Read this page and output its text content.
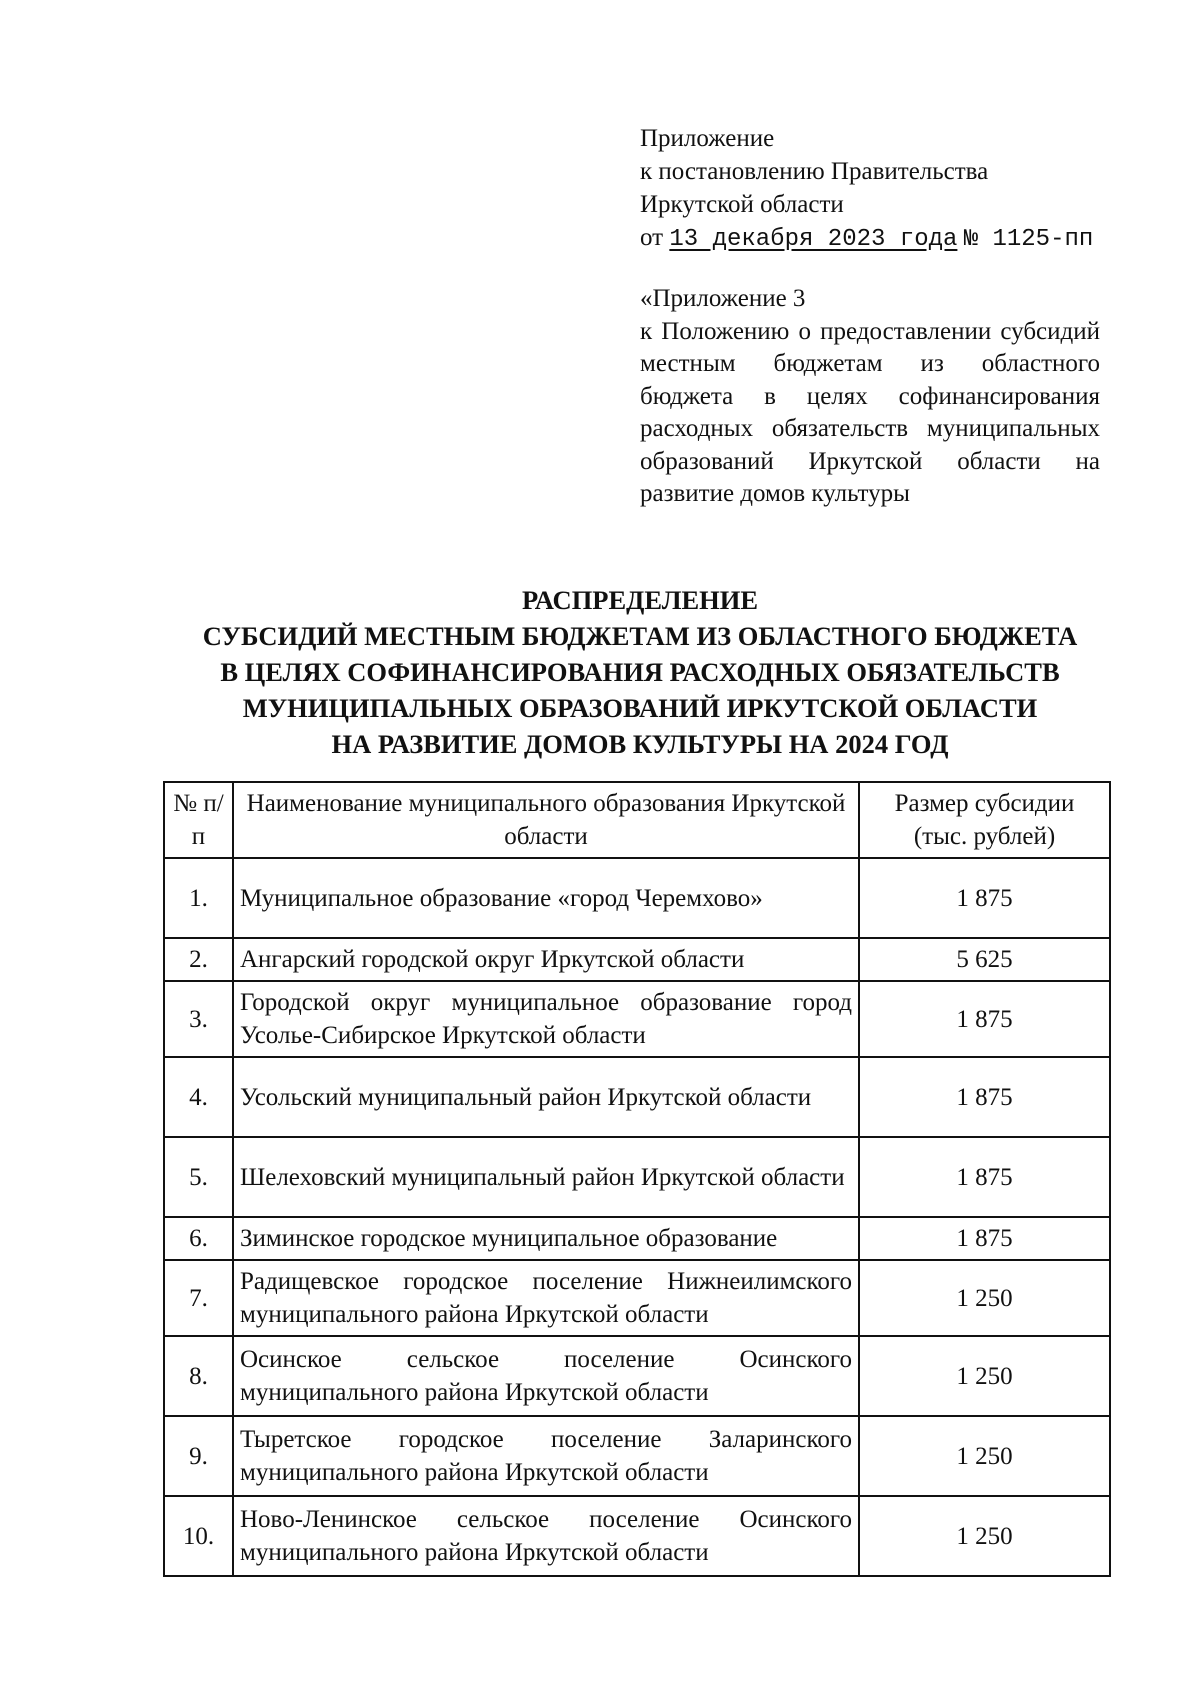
Приложение
к постановлению Правительства
Иркутской области
от 13 декабря 2023 года № 1125-пп
«Приложение 3
к Положению о предоставлении субсидий местным бюджетам из областного бюджета в целях софинансирования расходных обязательств муниципальных образований Иркутской области на развитие домов культуры
РАСПРЕДЕЛЕНИЕ
СУБСИДИЙ МЕСТНЫМ БЮДЖЕТАМ ИЗ ОБЛАСТНОГО БЮДЖЕТА
В ЦЕЛЯХ СОФИНАНСИРОВАНИЯ РАСХОДНЫХ ОБЯЗАТЕЛЬСТВ
МУНИЦИПАЛЬНЫХ ОБРАЗОВАНИЙ ИРКУТСКОЙ ОБЛАСТИ
НА РАЗВИТИЕ ДОМОВ КУЛЬТУРЫ НА 2024 ГОД
№ п/п	Наименование муниципального образования Иркутской области	Размер субсидии (тыс. рублей)
1.	Муниципальное образование «город Черемхово»	1 875
2.	Ангарский городской округ Иркутской области	5 625
3.	Городской округ муниципальное образование город Усолье-Сибирское Иркутской области	1 875
4.	Усольский муниципальный район Иркутской области	1 875
5.	Шелеховский муниципальный район Иркутской области	1 875
6.	Зиминское городское муниципальное образование	1 875
7.	Радищевское городское поселение Нижнеилимского муниципального района Иркутской области	1 250
8.	Осинское сельское поселение Осинского муниципального района Иркутской области	1 250
9.	Тыретское городское поселение Заларинского муниципального района Иркутской области	1 250
10.	Ново-Ленинское сельское поселение Осинского муниципального района Иркутской области	1 250
